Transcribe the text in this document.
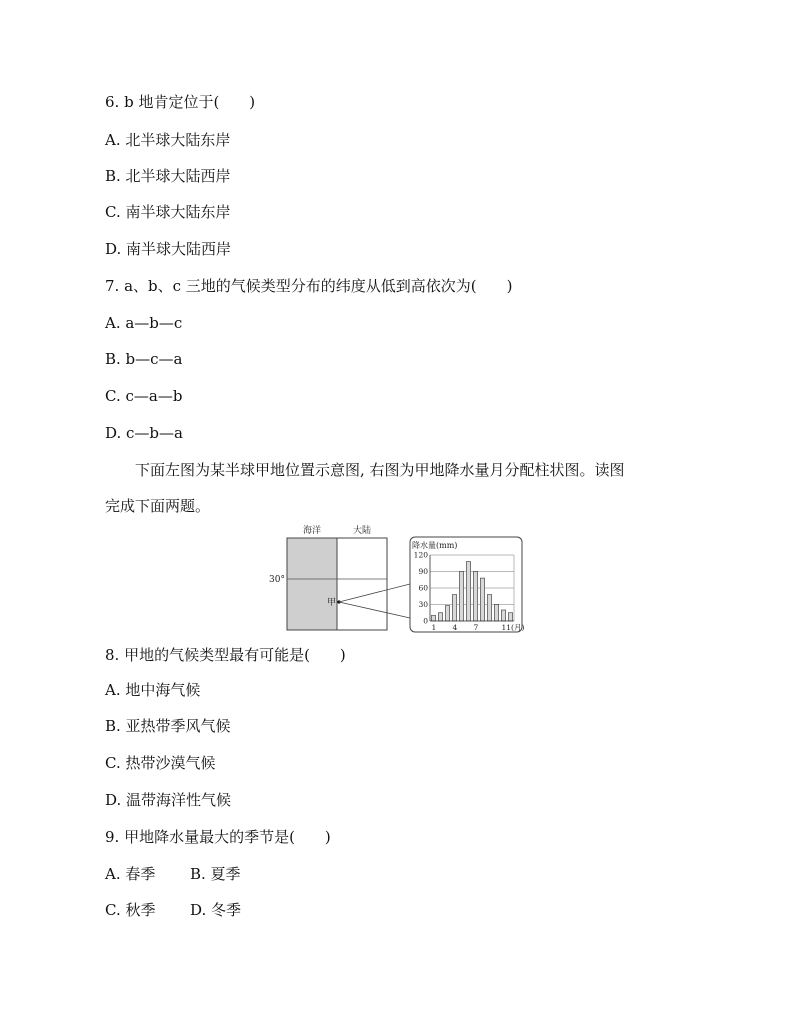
6. b 地肯定位于(　　)
A. 北半球大陆东岸
B. 北半球大陆西岸
C. 南半球大陆东岸
D. 南半球大陆西岸
7. a、b、c 三地的气候类型分布的纬度从低到高依次为(　　)
A. a—b—c
B. b—c—a
C. c—a—b
D. c—b—a
下面左图为某半球甲地位置示意图, 右图为甲地降水量月分配柱状图。读图
完成下面两题。
海洋	大陆
30°
甲
降水量(mm)
0
30
60
90
120
1 4 7	11(月)
8. 甲地的气候类型最有可能是(　　)
A. 地中海气候
B. 亚热带季风气候
C. 热带沙漠气候
D. 温带海洋性气候
9. 甲地降水量最大的季节是(　　)
A. 春季 B. 夏季
C. 秋季 D. 冬季
